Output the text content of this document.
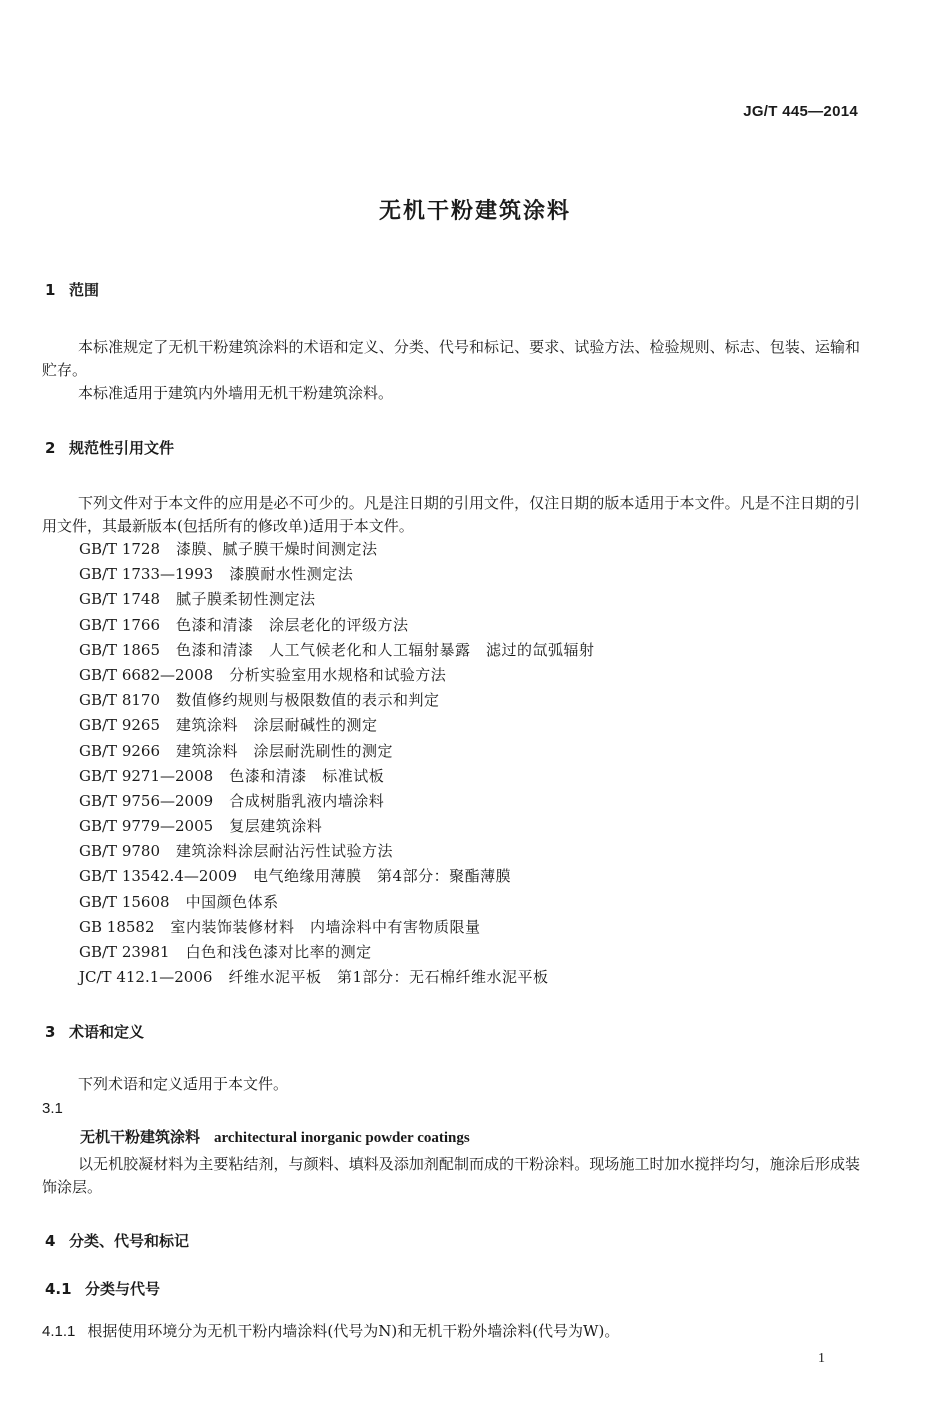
JG/T 445—2014
无机干粉建筑涂料
1 范围
本标准规定了无机干粉建筑涂料的术语和定义、分类、代号和标记、要求、试验方法、检验规则、标志、包装、运输和贮存。
本标准适用于建筑内外墙用无机干粉建筑涂料。
2 规范性引用文件
下列文件对于本文件的应用是必不可少的。凡是注日期的引用文件，仅注日期的版本适用于本文件。凡是不注日期的引用文件，其最新版本(包括所有的修改单)适用于本文件。
GB/T 1728 漆膜、腻子膜干燥时间测定法
GB/T 1733—1993 漆膜耐水性测定法
GB/T 1748 腻子膜柔韧性测定法
GB/T 1766 色漆和清漆　涂层老化的评级方法
GB/T 1865 色漆和清漆　人工气候老化和人工辐射暴露　滤过的氙弧辐射
GB/T 6682—2008 分析实验室用水规格和试验方法
GB/T 8170 数值修约规则与极限数值的表示和判定
GB/T 9265 建筑涂料　涂层耐碱性的测定
GB/T 9266 建筑涂料　涂层耐洗刷性的测定
GB/T 9271—2008 色漆和清漆　标准试板
GB/T 9756—2009 合成树脂乳液内墙涂料
GB/T 9779—2005 复层建筑涂料
GB/T 9780 建筑涂料涂层耐沾污性试验方法
GB/T 13542.4—2009 电气绝缘用薄膜　第4部分：聚酯薄膜
GB/T 15608 中国颜色体系
GB 18582 室内装饰装修材料　内墙涂料中有害物质限量
GB/T 23981 白色和浅色漆对比率的测定
JC/T 412.1—2006 纤维水泥平板　第1部分：无石棉纤维水泥平板
3 术语和定义
下列术语和定义适用于本文件。
3.1
无机干粉建筑涂料 architectural inorganic powder coatings
以无机胶凝材料为主要粘结剂，与颜料、填料及添加剂配制而成的干粉涂料。现场施工时加水搅拌均匀，施涂后形成装饰涂层。
4 分类、代号和标记
4.1 分类与代号
4.1.1 根据使用环境分为无机干粉内墙涂料(代号为N)和无机干粉外墙涂料(代号为W)。
1
